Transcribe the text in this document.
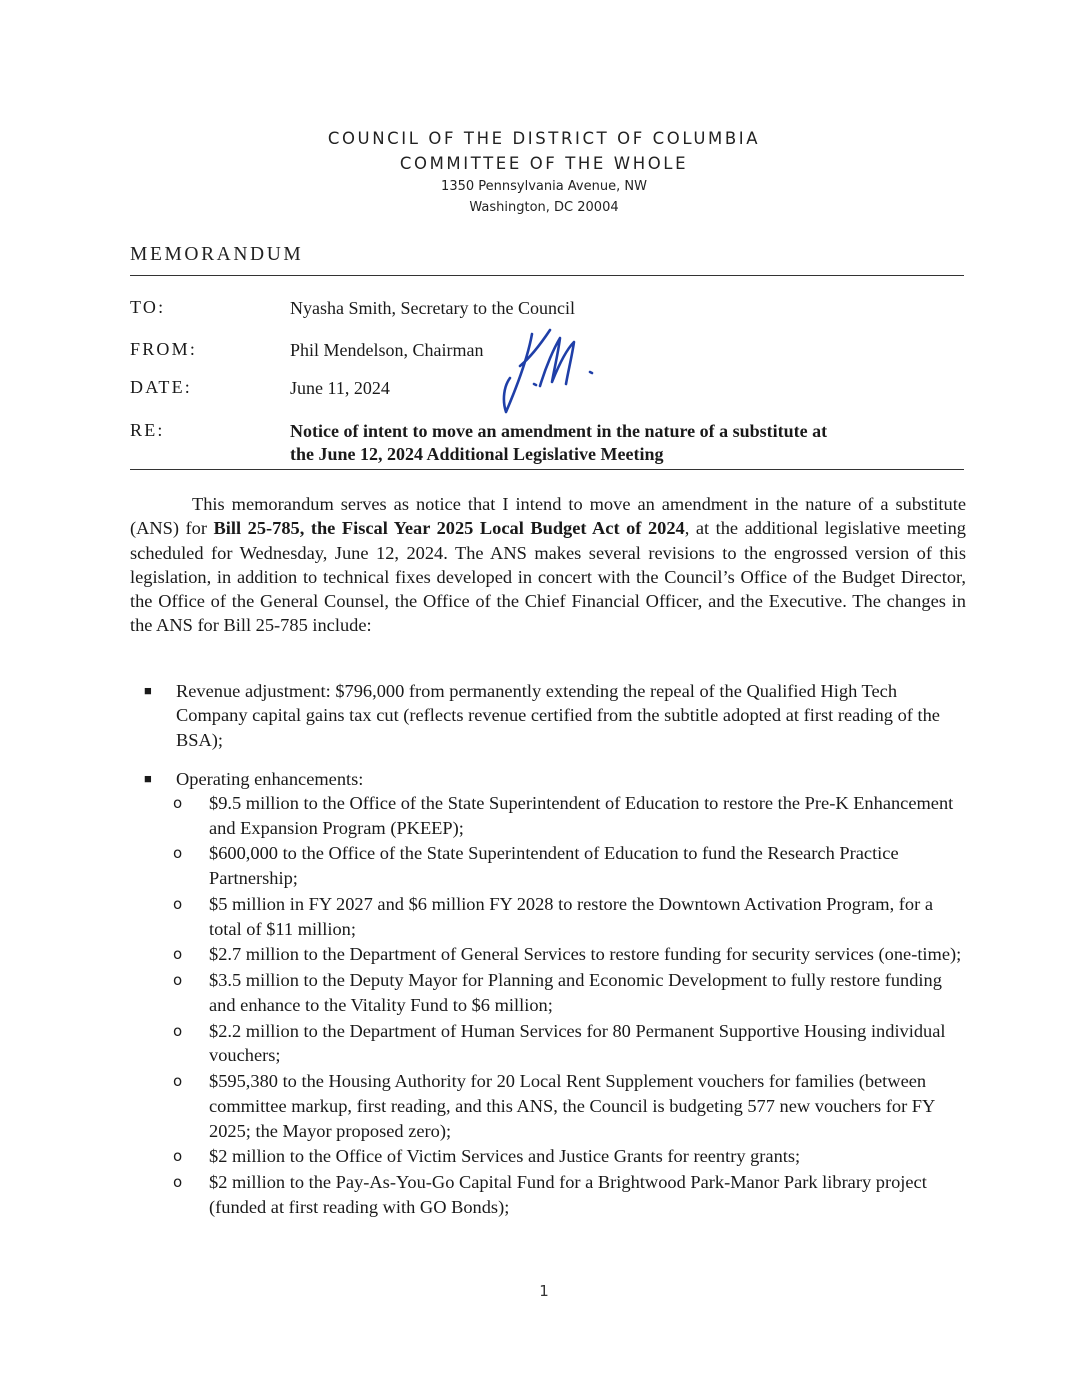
COUNCIL OF THE DISTRICT OF COLUMBIA
COMMITTEE OF THE WHOLE
1350 Pennsylvania Avenue, NW
Washington, DC 20004
MEMORANDUM
TO:	Nyasha Smith, Secretary to the Council
FROM:	Phil Mendelson, Chairman
DATE:	June 11, 2024
RE:	Notice of intent to move an amendment in the nature of a substitute at
the June 12, 2024 Additional Legislative Meeting
This memorandum serves as notice that I intend to move an amendment in the nature of a substitute (ANS) for Bill 25-785, the Fiscal Year 2025 Local Budget Act of 2024, at the additional legislative meeting scheduled for Wednesday, June 12, 2024. The ANS makes several revisions to the engrossed version of this legislation, in addition to technical fixes developed in concert with the Council’s Office of the Budget Director, the Office of the General Counsel, the Office of the Chief Financial Officer, and the Executive. The changes in the ANS for Bill 25-785 include:
■ Revenue adjustment: $796,000 from permanently extending the repeal of the Qualified High Tech Company capital gains tax cut (reflects revenue certified from the subtitle adopted at first reading of the BSA);
■ Operating enhancements:
o $9.5 million to the Office of the State Superintendent of Education to restore the Pre-K Enhancement and Expansion Program (PKEEP);
o $600,000 to the Office of the State Superintendent of Education to fund the Research Practice Partnership;
o $5 million in FY 2027 and $6 million FY 2028 to restore the Downtown Activation Program, for a total of $11 million;
o $2.7 million to the Department of General Services to restore funding for security services (one-time);
o $3.5 million to the Deputy Mayor for Planning and Economic Development to fully restore funding and enhance to the Vitality Fund to $6 million;
o $2.2 million to the Department of Human Services for 80 Permanent Supportive Housing individual vouchers;
o $595,380 to the Housing Authority for 20 Local Rent Supplement vouchers for families (between committee markup, first reading, and this ANS, the Council is budgeting 577 new vouchers for FY 2025; the Mayor proposed zero);
o $2 million to the Office of Victim Services and Justice Grants for reentry grants;
o $2 million to the Pay-As-You-Go Capital Fund for a Brightwood Park-Manor Park library project (funded at first reading with GO Bonds);
1
